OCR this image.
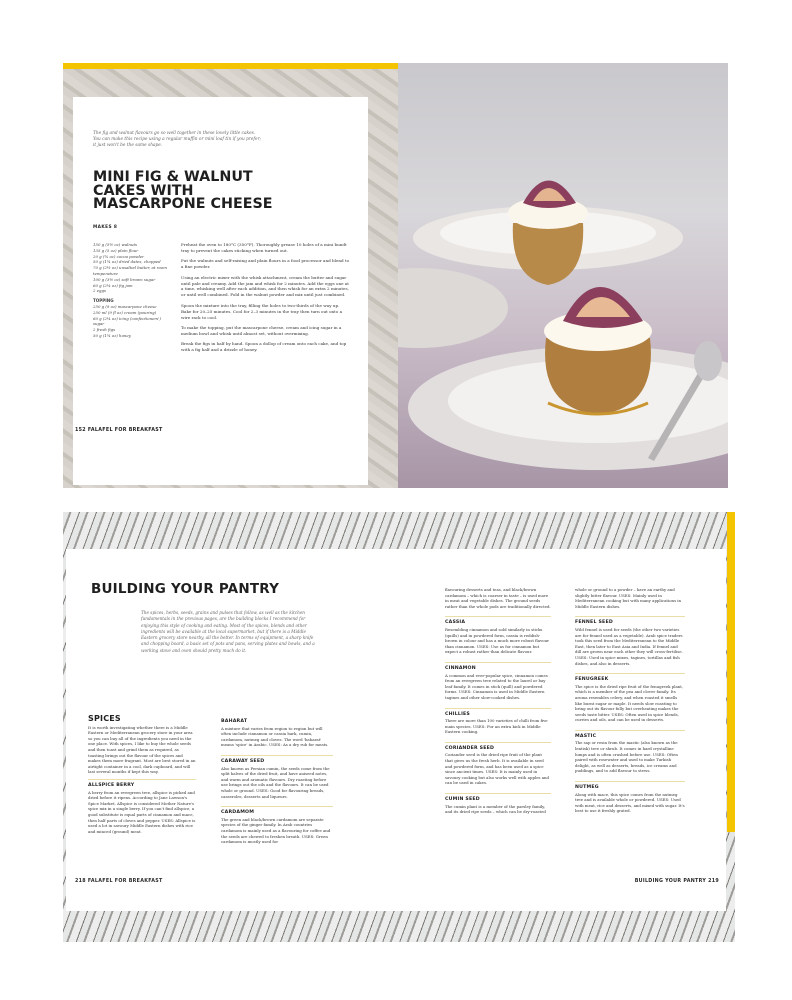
The fig and walnut flavours go so well together in these lovely little cakes. You can make this recipe using a regular muffin or mini loaf tin if you prefer; it just won't be the same shape.
MINI FIG & WALNUT CAKES WITH MASCARPONE CHEESE
MAKES 8
150 g (5½ oz) walnuts
135 g (5 oz) plain flour
20 g (¾ oz) cocoa powder
50 g (1¾ oz) dried dates, chopped
70 g (2½ oz) unsalted butter, at room temperature
100 g (3½ oz) soft brown sugar
60 g (2¼ oz) fig jam
2 eggs
TOPPING
250 g (9 oz) mascarpone cheese
250 ml (9 fl oz) cream (pouring)
60 g (2¼ oz) icing (confectioners') sugar
2 fresh figs
50 g (1¾ oz) honey

Preheat the oven to 180°C (350°F). Thoroughly grease 10 holes of a mini bundt tray to prevent the cakes sticking when turned out.

Put the walnuts and self-raising and plain flours in a food processor and blend to a fine powder.

Using an electric mixer with the whisk attachment, cream the butter and sugar until pale and creamy. Add the jam and whisk for 2 minutes. Add the eggs one at a time, whisking well after each addition, and then whisk for an extra 2 minutes, or until well combined. Fold in the walnut powder and mix until just combined.

Spoon the mixture into the tray, filling the holes to two-thirds of the way up. Bake for 20–25 minutes. Cool for 2–3 minutes in the tray then turn out onto a wire rack to cool.

To make the topping, put the mascarpone cheese, cream and icing sugar in a medium bowl and whisk until almost set, without overmixing.

Break the figs in half by hand. Spoon a dollop of cream onto each cake, and top with a fig half and a drizzle of honey.

152 FALAFEL FOR BREAKFAST
BUILDING YOUR PANTRY
The spices, herbs, seeds, grains and pulses that follow, as well as the kitchen fundamentals in the previous pages, are the building blocks I recommend for enjoying this style of cooking and eating. Most of the spices, blends and other ingredients will be available at the local supermarket, but if there is a Middle Eastern grocery store nearby, all the better. In terms of equipment, a sharp knife and chopping board, a basic set of pots and pans, serving plates and bowls, and a working stove and oven should pretty much do it.
SPICES

It is worth investigating whether there is a Middle Eastern or Mediterranean grocery store in your area so you can buy all of the ingredients you need in the one place. With spices, I like to buy the whole seeds and then toast and grind them as required, as toasting brings out the flavour of the spices and makes them more fragrant. Most are best stored in an airtight container in a cool, dark cupboard, and will last several months if kept this way.

ALLSPICE BERRY
A berry from an evergreen tree, allspice is picked and dried before it ripens. According to Jane Lawson's Spice Market, Allspice is considered Mother Nature's spice mix in a single berry. If you can't find allspice, a good substitute is equal parts of cinnamon and mace, then half parts of cloves and pepper. USES: Allspice is used a lot in savoury Middle Eastern dishes with rice and minced (ground) meat.
BAHARAT
A mixture that varies from region to region but will often include cinnamon or cassia bark, cumin, cardamom, nutmeg and cloves. The word 'baharat' means 'spice' in Arabic. USES: As a dry rub for meats.
CARAWAY SEED
Also known as Persian cumin, the seeds come from the split halves of the dried fruit, and have aniseed notes, and warm and aromatic flavours. Dry roasting before use brings out the oils and the flavours. It can be used whole or ground. USES: Good for flavouring breads, casseroles, desserts and liqueurs.
CARDAMOM
The green and black/brown cardamom are separate species of the ginger family. In Arab countries cardamom is mainly used as a flavouring for coffee and the seeds are chewed to freshen breath. USES: Green cardamom is mostly used for
flavouring desserts and teas, and black/brown cardamom – which is coarser in taste – is used more in meat and vegetable dishes. The ground seeds rather than the whole pods are traditionally directed.
CASSIA
Resembling cinnamon and sold similarly in sticks (quills) and in powdered form, cassia is reddish-brown in colour and has a much more robust flavour than cinnamon. USES: Use as for cinnamon but expect a robust rather than delicate flavour.
CINNAMON
A common and ever-popular spice, cinnamon comes from an evergreen tree related to the laurel or bay leaf family. It comes in stick (quill) and powdered forms. USES: Cinnamon is used in Middle Eastern tagines and other slow-cooked dishes.
CHILLIES
There are more than 100 varieties of chilli from five main species. USES: For an extra kick in Middle Eastern cooking.
CORIANDER SEED
Coriander seed is the dried ripe fruit of the plant that gives us the fresh herb. It is available in seed and powdered form, and has been used as a spice since ancient times. USES: It is mainly used in savoury cooking but also works well with apples and can be used in cakes.
CUMIN SEED
The cumin plant is a member of the parsley family, and its dried ripe seeds – which can be dry-roasted
whole or ground to a powder – have an earthy and slightly bitter flavour. USES: Mainly used in Mediterranean cooking but with many applications in Middle Eastern dishes.
FENNEL SEED
Wild fennel is used for seeds (the other two varieties are for fennel used as a vegetable). Arab spice traders took this seed from the Mediterranean to the Middle East, then later to East Asia and India. If fennel and dill are grown near each other they will cross-fertilise. USES: Used in spice mixes, tagines, tortillas and fish dishes, and also in desserts.
FENUGREEK
The spice is the dried ripe fruit of the fenugreek plant, which is a member of the pea and clover family. Its aroma resembles celery, and when roasted it smells like burnt sugar or maple. It needs slow roasting to bring out its flavour fully but overheating makes the seeds taste bitter. USES: Often used in spice blends, curries and oils, and can be used in desserts.
MASTIC
The sap or resin from the mastic (also known as the lentisk) tree or shrub. It comes in hard crystalline lumps and is often crushed before use. USES: Often paired with rosewater and used to make Turkish delight, as well as desserts, breads, ice creams and puddings, and to add flavour to stews.
NUTMEG
Along with mace, this spice comes from the nutmeg tree and is available whole or powdered. USES: Used with meat, rice and desserts, and mixed with sugar. It's best to use it freshly grated.
218 FALAFEL FOR BREAKFAST	BUILDING YOUR PANTRY 219
